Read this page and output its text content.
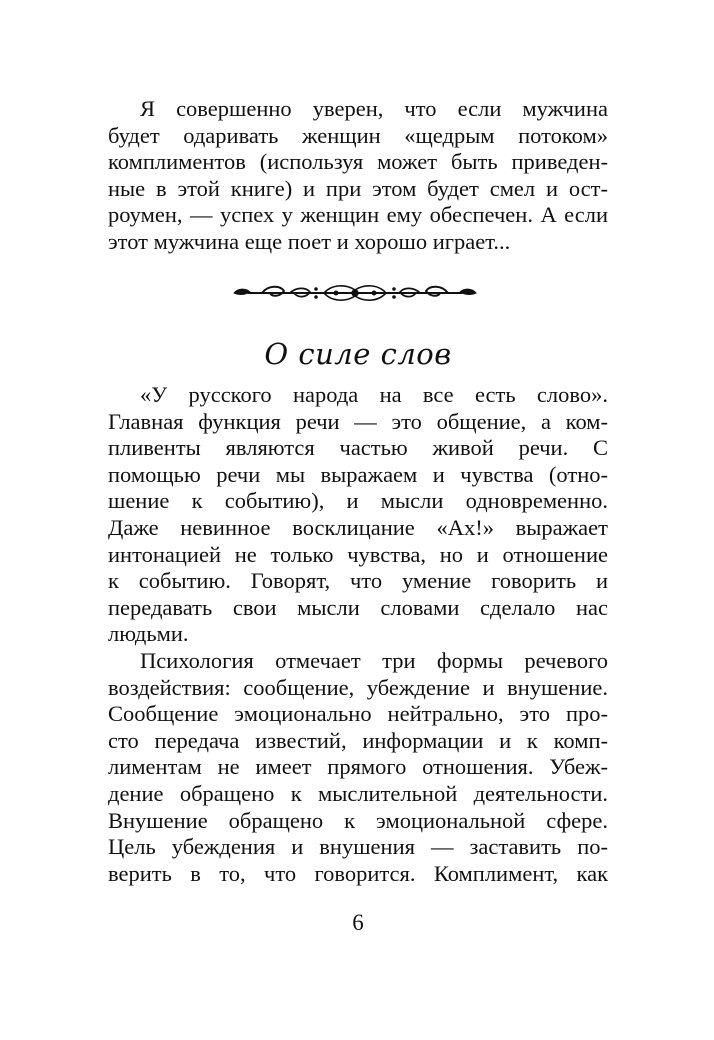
Я совершенно уверен, что если мужчина
будет одаривать женщин «щедрым потоком»
комплиментов (используя может быть приведен-
ные в этой книге) и при этом будет смел и ост-
роумен, — успех у женщин ему обеспечен. А если
этот мужчина еще поет и хорошо играет...
О силе слов
«У русского народа на все есть слово».
Главная функция речи — это общение, а ком-
пливенты являются частью живой речи. С
помощью речи мы выражаем и чувства (отно-
шение к событию), и мысли одновременно.
Даже невинное восклицание «Ах!» выражает
интонацией не только чувства, но и отношение
к событию. Говорят, что умение говорить и
передавать свои мысли словами сделало нас
людьми.
Психология отмечает три формы речевого
воздействия: сообщение, убеждение и внушение.
Сообщение эмоционально нейтрально, это про-
сто передача известий, информации и к комп-
лиментам не имеет прямого отношения. Убеж-
дение обращено к мыслительной деятельности.
Внушение обращено к эмоциональной сфере.
Цель убеждения и внушения — заставить по-
верить в то, что говорится. Комплимент, как
6
